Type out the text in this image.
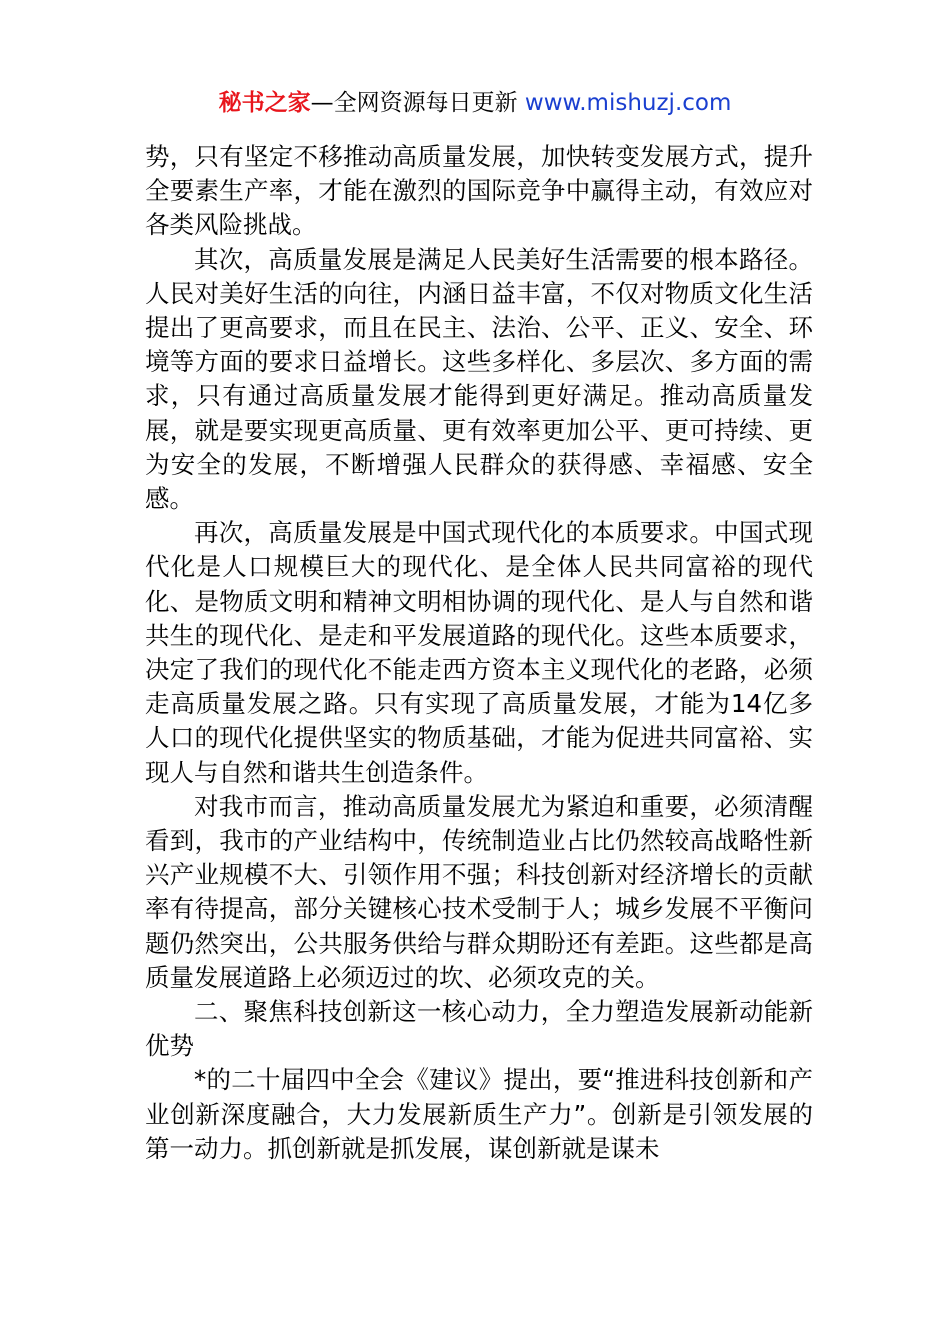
秘书之家—全网资源每日更新 www.mishuzj.com

势，只有坚定不移推动高质量发展，加快转变发展方式，提升全要素生产率，才能在激烈的国际竞争中赢得主动，有效应对各类风险挑战。

其次，高质量发展是满足人民美好生活需要的根本路径。人民对美好生活的向往，内涵日益丰富，不仅对物质文化生活提出了更高要求，而且在民主、法治、公平、正义、安全、环境等方面的要求日益增长。这些多样化、多层次、多方面的需求，只有通过高质量发展才能得到更好满足。推动高质量发展，就是要实现更高质量、更有效率更加公平、更可持续、更为安全的发展，不断增强人民群众的获得感、幸福感、安全感。

再次，高质量发展是中国式现代化的本质要求。中国式现代化是人口规模巨大的现代化、是全体人民共同富裕的现代化、是物质文明和精神文明相协调的现代化、是人与自然和谐共生的现代化、是走和平发展道路的现代化。这些本质要求，决定了我们的现代化不能走西方资本主义现代化的老路，必须走高质量发展之路。只有实现了高质量发展，才能为14亿多人口的现代化提供坚实的物质基础，才能为促进共同富裕、实现人与自然和谐共生创造条件。

对我市而言，推动高质量发展尤为紧迫和重要，必须清醒看到，我市的产业结构中，传统制造业占比仍然较高战略性新兴产业规模不大、引领作用不强；科技创新对经济增长的贡献率有待提高，部分关键核心技术受制于人；城乡发展不平衡问题仍然突出，公共服务供给与群众期盼还有差距。这些都是高质量发展道路上必须迈过的坎、必须攻克的关。

二、聚焦科技创新这一核心动力，全力塑造发展新动能新优势

*的二十届四中全会《建议》提出，要“推进科技创新和产业创新深度融合，大力发展新质生产力”。创新是引领发展的第一动力。抓创新就是抓发展，谋创新就是谋未
